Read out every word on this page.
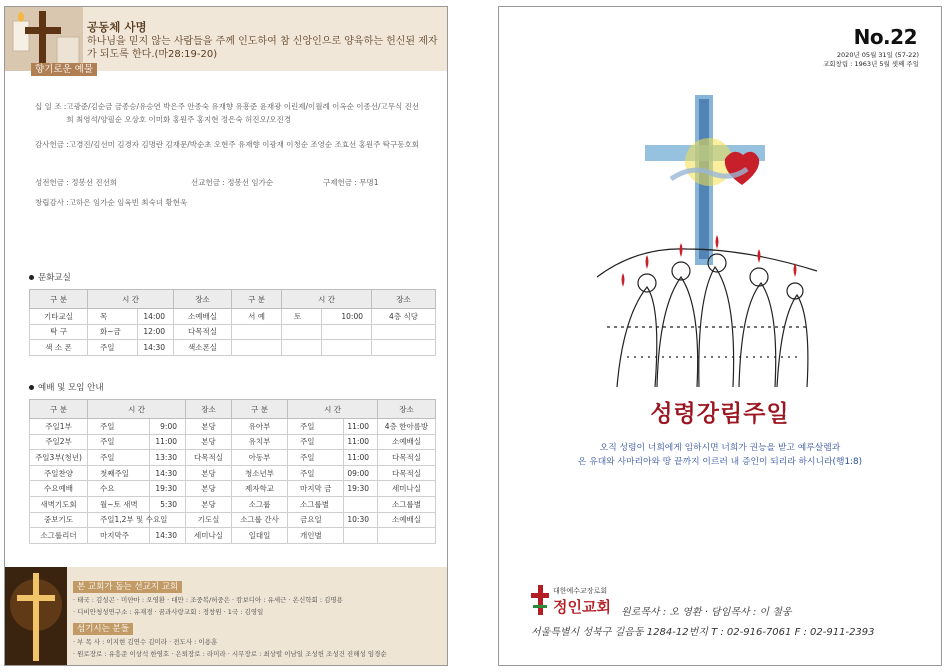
공동체 사명
하나님을 믿지 않는 사람들을 주께 인도하여 참 신앙인으로 양육하는 헌신된 제자가 되도록 한다.(마28:19-20)
향기로운 예물
십 일 조 : 고광준/김순금 금종승/유승연 박은주 안종숙 유재향 유흥준 윤재광 이린제/이월례 이옥순 이종선/고무식 진선희 최영석/양필순 오상호 이미화 홍원주 홍지현 정은숙 허진오/오진경
감사헌금 : 고경진/김선미 김경자 김명란 김재문/박순초 오현주 유재향 이광재 이청순 조영순 조효선 홍원주 탁구동호회
성전헌금 : 정봉선 진선희	선교헌금 : 정봉선 임가순	구제헌금 : 무명1
창립감사 : 고하은 임가순 임육빈 최숙녀 황현욱
문화교실
구 분	시 간		장소	구 분	시 간		장소
기타교실	목	14:00	소예배실	서 예	토	10:00	4층 식당
탁 구	화~금	12:00	다목적실				
색 소 폰	주일	14:30	색소폰실				
예배 및 모임 안내
구 분	시 간		장소	구 분	시 간		장소
주일1부	주일	9:00	본당	유아부	주일	11:00	4층 한아름방
주일2부	주일	11:00	본당	유치부	주일	11:00	소예배실
주일3부(청년)	주일	13:30	다목적실	아동부	주일	11:00	다목적실
주일찬양	첫째주일	14:30	본당	청소년부	주일	09:00	다목적실
수요예배	수요	19:30	본당	제자학교	마지막 금	19:30	세미나실
새벽기도회	월~토 새벽	5:30	본당	소그룹	소그룹별		소그룹별
중보기도	주일1,2부 및 수요일		기도실	소그룹 간사	금요일	10:30	소예배실
소그룹리더	마지막주	14:30	세미나실	일대일	개인별		
본 교회가 돕는 선교지 교회
· 태국 : 김성곤 · 미얀마 : 오영환 · 대만 : 조중복/허중은 · 캄보디아 : 유세근 · 온신학회 : 김명용
· 디비안청성연구소 : 유재경 · 꿈과사랑교회 : 정창원 · 1국 : 김영일
섬기시는 분들
· 부 목 사 : 이지현 김연수 김미라 · 전도사 : 이용훈
· 원로장로 : 유흥준 이상석 한영호 · 은퇴장로 : 라미라 · 시무장로 : 최상렬 이남일 조성헌 조성건 진해성 임경순
No.22
2020년 05월 31일 (57-22)
교회창립 : 1963년 5월 셋째 주일
성령강림주일
오직 성령이 너희에게 임하시면 너희가 권능을 받고 예루살렘과
온 유대와 사마리아와 땅 끝까지 이르러 내 증인이 되리라 하시니라(행1:8)
대한예수교장로회
정인교회 원로목사 : 오 영환 · 담임목사 : 이 철웅
서울특별시 성북구 길음동 1284-12번지 T : 02-916-7061 F : 02-911-2393
